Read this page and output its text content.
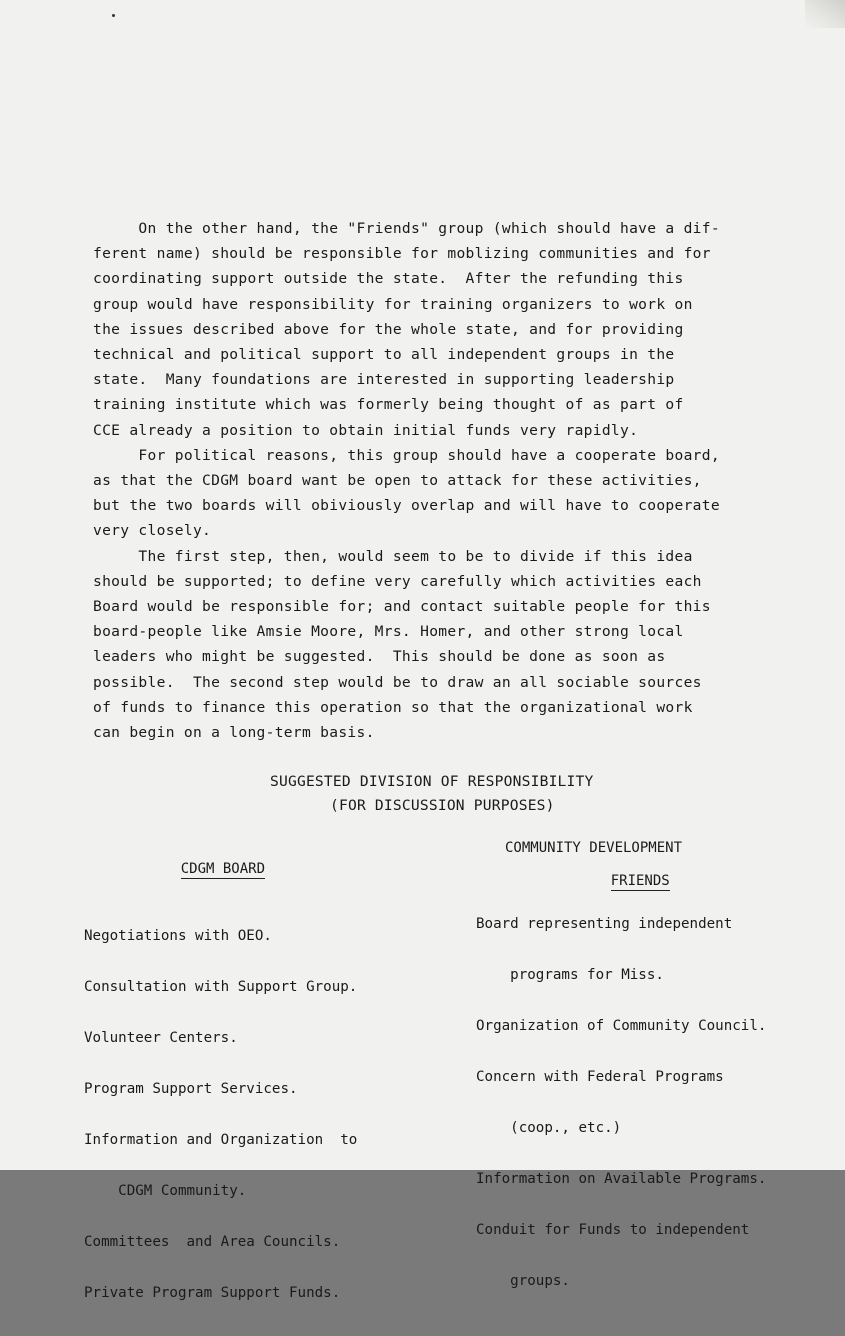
On the other hand, the "Friends" group (which should have a dif-
ferent name) should be responsible for moblizing communities and for
coordinating support outside the state.  After the refunding this
group would have responsibility for training organizers to work on
the issues described above for the whole state, and for providing
technical and political support to all independent groups in the
state.  Many foundations are interested in supporting leadership
training institute which was formerly being thought of as part of
CCE already a position to obtain initial funds very rapidly.
For political reasons, this group should have a cooperate board,
as that the CDGM board want be open to attack for these activities,
but the two boards will obiviously overlap and will have to cooperate
very closely.
The first step, then, would seem to be to divide if this idea
should be supported; to define very carefully which activities each
Board would be responsible for; and contact suitable people for this
board-people like Amsie Moore, Mrs. Homer, and other strong local
leaders who might be suggested.  This should be done as soon as
possible.  The second step would be to draw an all sociable sources
of funds to finance this operation so that the organizational work
can begin on a long-term basis.
SUGGESTED DIVISION OF RESPONSIBILITY
(FOR DISCUSSION PURPOSES)

CDGM BOARD

COMMUNITY DEVELOPMENT

FRIENDS

Negotiations with OEO.

Consultation with Support Group.

Volunteer Centers.

Program Support Services.

Information and Organization  to

CDGM Community.

Committees  and Area Councils.

Private Program Support Funds.

Board representing independent

programs for Miss.

Organization of Community Council.

Concern with Federal Programs

(coop., etc.)

Information on Available Programs.

Conduit for Funds to independent

groups.
